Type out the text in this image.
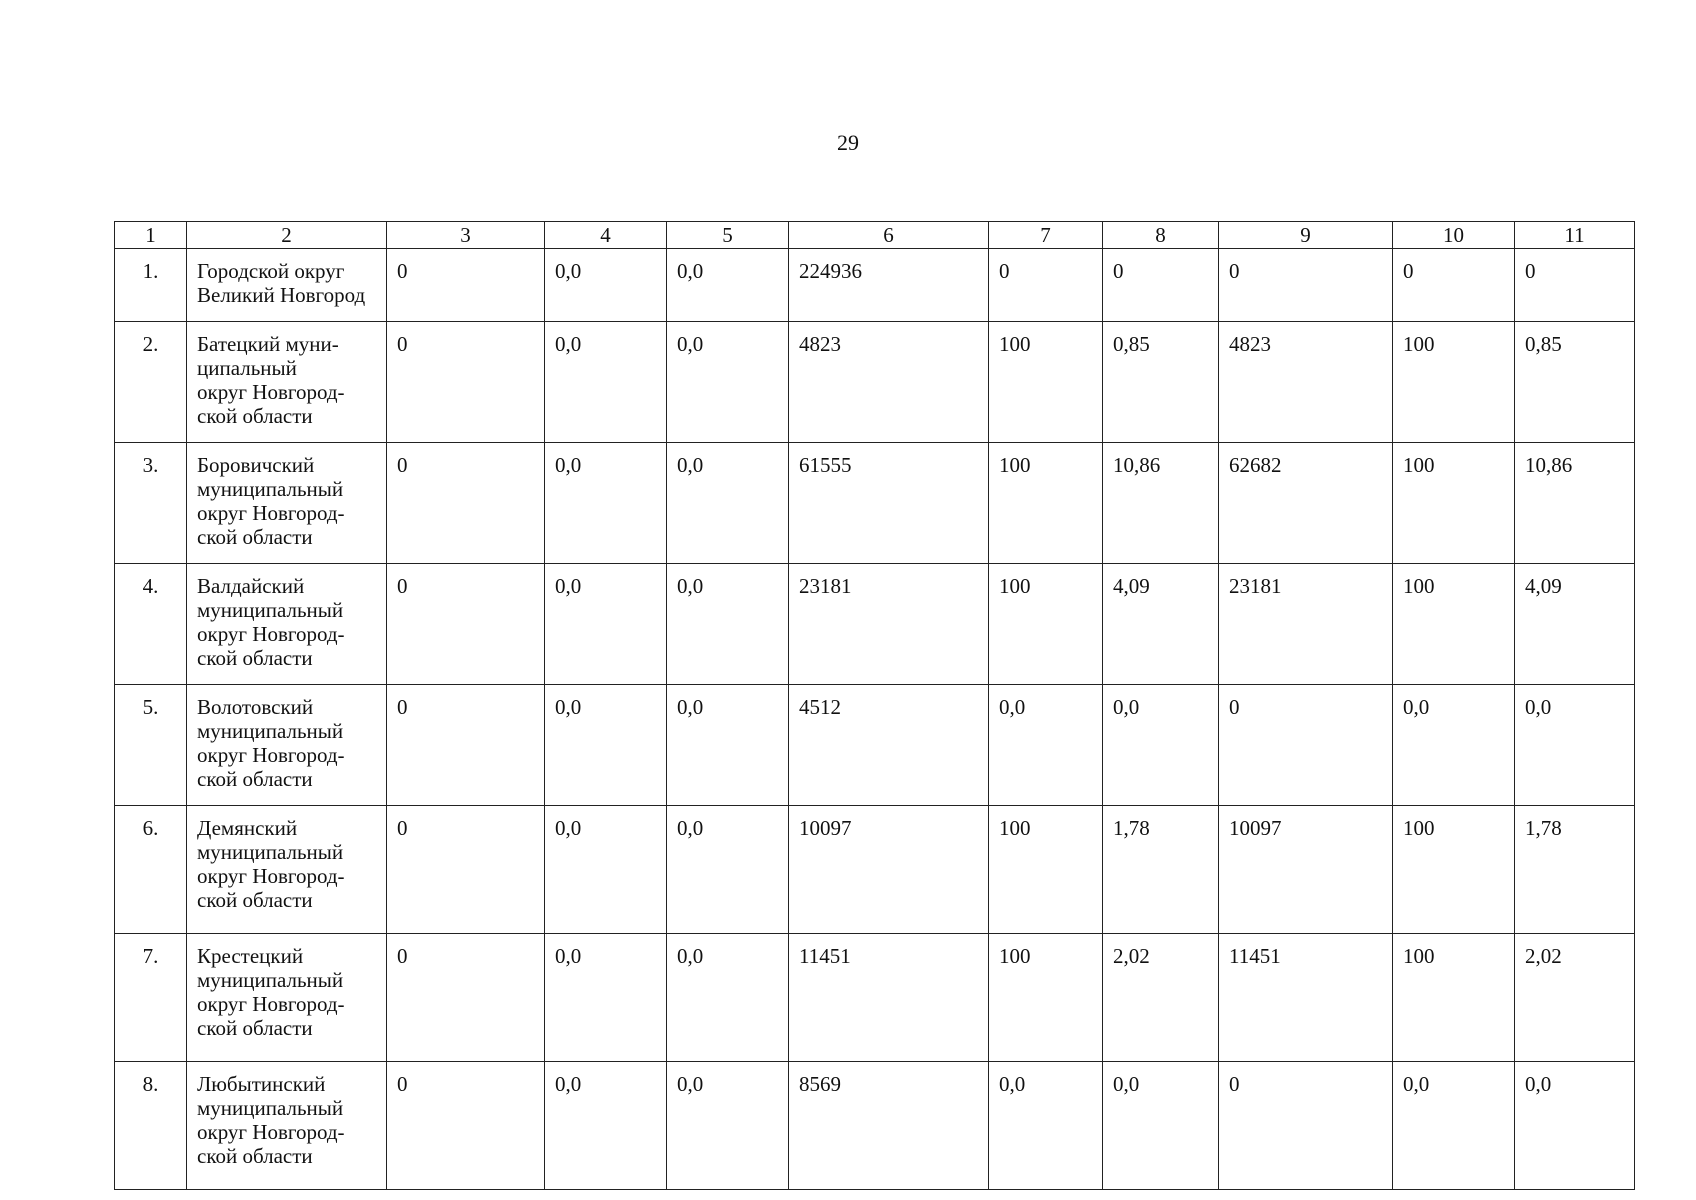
29
1	2	3	4	5	6	7	8	9	10	11
1.	Городской округ
Великий Новгород	0	0,0	0,0	224936	0	0	0	0	0
2.	Батецкий муни-
ципальный
округ Новгород-
ской области	0	0,0	0,0	4823	100	0,85	4823	100	0,85
3.	Боровичский
муниципальный
округ Новгород-
ской области	0	0,0	0,0	61555	100	10,86	62682	100	10,86
4.	Валдайский
муниципальный
округ Новгород-
ской области	0	0,0	0,0	23181	100	4,09	23181	100	4,09
5.	Волотовский
муниципальный
округ Новгород-
ской области	0	0,0	0,0	4512	0,0	0,0	0	0,0	0,0
6.	Демянский
муниципальный
округ Новгород-
ской области	0	0,0	0,0	10097	100	1,78	10097	100	1,78
7.	Крестецкий
муниципальный
округ Новгород-
ской области	0	0,0	0,0	11451	100	2,02	11451	100	2,02
8.	Любытинский
муниципальный
округ Новгород-
ской области	0	0,0	0,0	8569	0,0	0,0	0	0,0	0,0
